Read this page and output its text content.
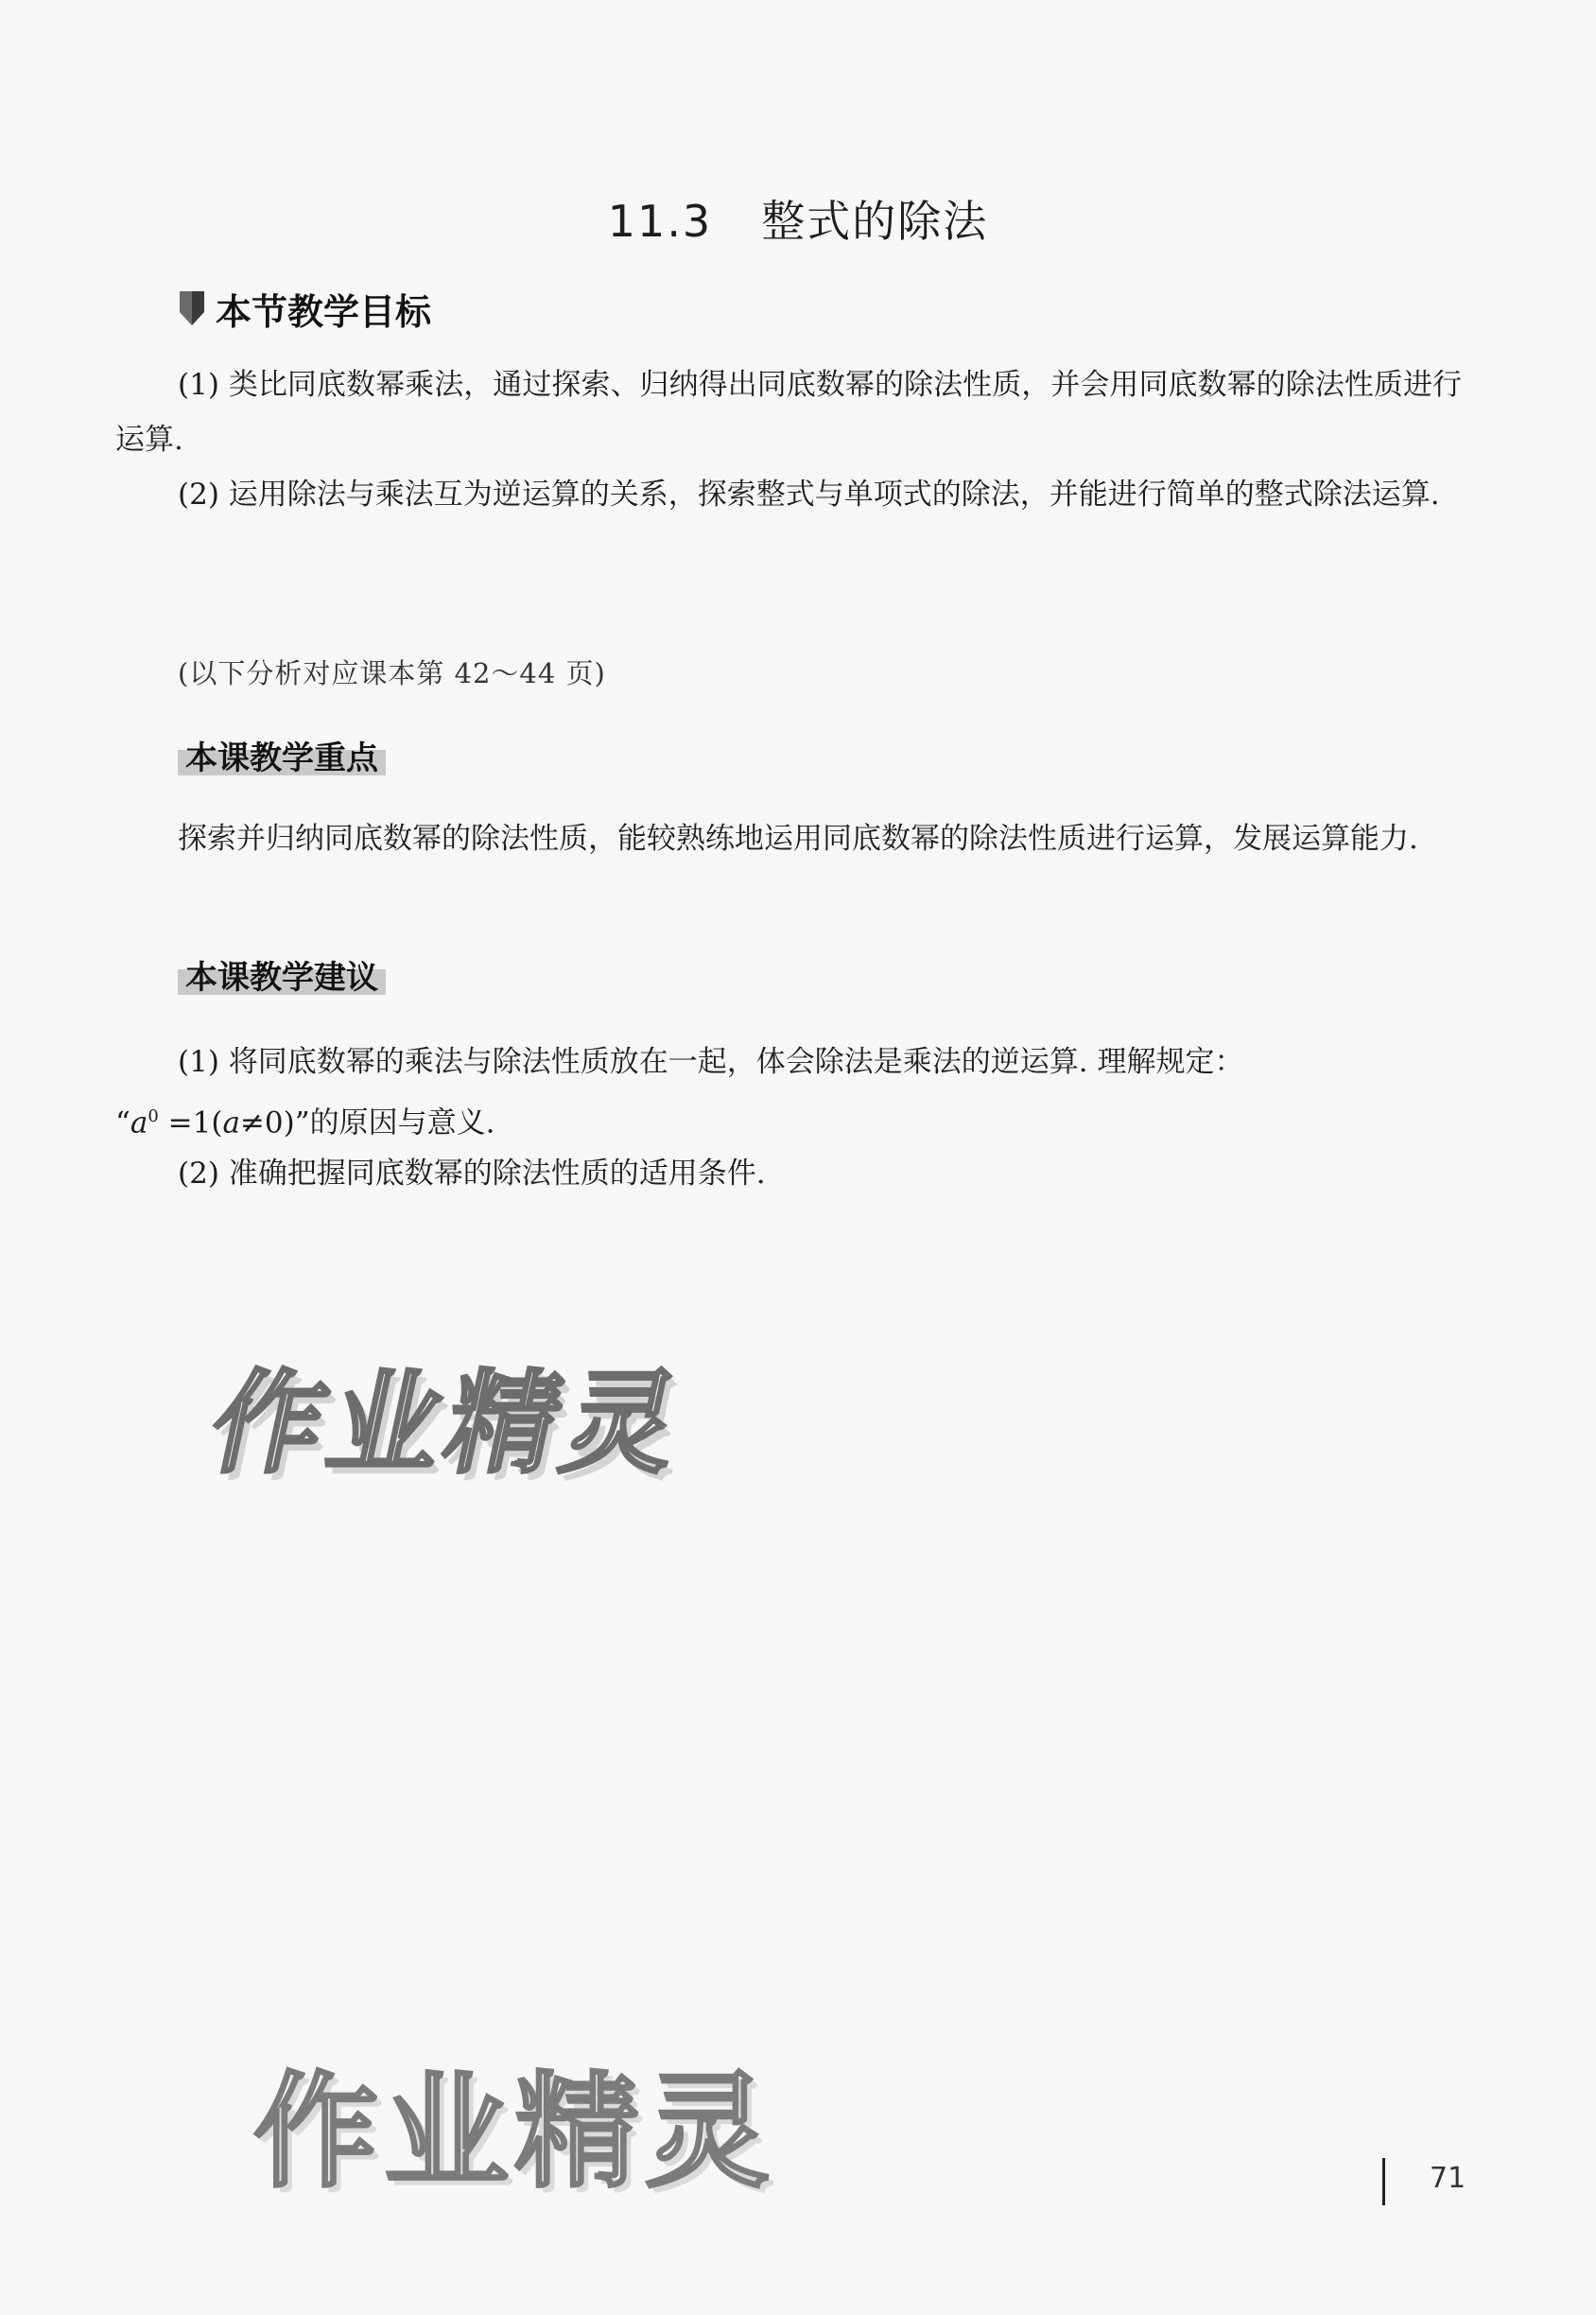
11.3 整式的除法
本节教学目标
(1) 类比同底数幂乘法，通过探索、归纳得出同底数幂的除法性质，并会用同底数幂的除法性质进行运算.
(2) 运用除法与乘法互为逆运算的关系，探索整式与单项式的除法，并能进行简单的整式除法运算.
(以下分析对应课本第 42～44 页)
本课教学重点
探索并归纳同底数幂的除法性质，能较熟练地运用同底数幂的除法性质进行运算，发展运算能力.
本课教学建议
(1) 将同底数幂的乘法与除法性质放在一起，体会除法是乘法的逆运算. 理解规定：
“$a^0 =1(a\ne 0)$”的原因与意义.
(2) 准确把握同底数幂的除法性质的适用条件.
作业精灵
作业精灵	71
